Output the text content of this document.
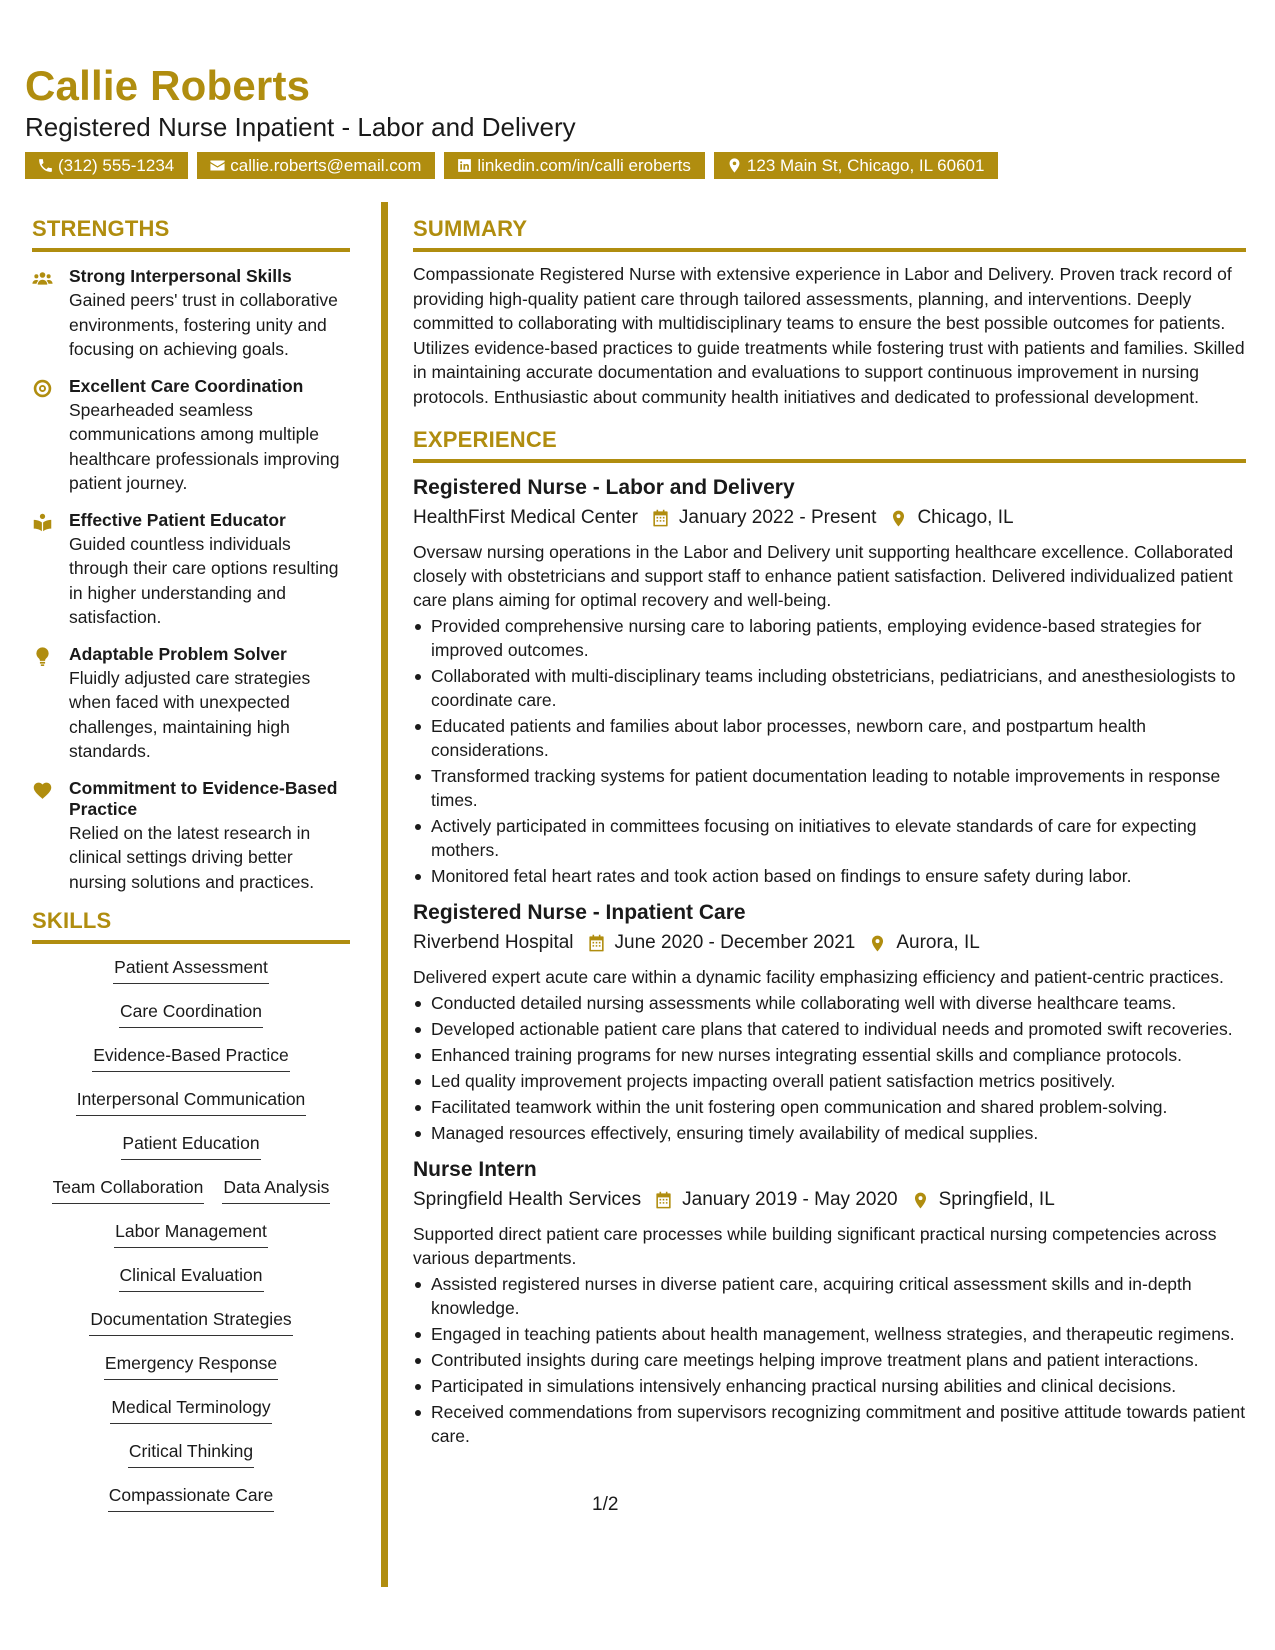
Callie Roberts
Registered Nurse Inpatient - Labor and Delivery
(312) 555-1234	callie.roberts@email.com	linkedin.com/in/calli eroberts	123 Main St, Chicago, IL 60601
STRENGTHS
Strong Interpersonal Skills
Gained peers' trust in collaborative environments, fostering unity and focusing on achieving goals.
Excellent Care Coordination
Spearheaded seamless communications among multiple healthcare professionals improving patient journey.
Effective Patient Educator
Guided countless individuals through their care options resulting in higher understanding and satisfaction.
Adaptable Problem Solver
Fluidly adjusted care strategies when faced with unexpected challenges, maintaining high standards.
Commitment to Evidence-Based Practice
Relied on the latest research in clinical settings driving better nursing solutions and practices.
SKILLS
Patient Assessment
Care Coordination
Evidence-Based Practice
Interpersonal Communication
Patient Education
Team Collaboration Data Analysis
Labor Management
Clinical Evaluation
Documentation Strategies
Emergency Response
Medical Terminology
Critical Thinking
Compassionate Care
SUMMARY
Compassionate Registered Nurse with extensive experience in Labor and Delivery. Proven track record of providing high-quality patient care through tailored assessments, planning, and interventions. Deeply committed to collaborating with multidisciplinary teams to ensure the best possible outcomes for patients. Utilizes evidence-based practices to guide treatments while fostering trust with patients and families. Skilled in maintaining accurate documentation and evaluations to support continuous improvement in nursing protocols. Enthusiastic about community health initiatives and dedicated to professional development.
EXPERIENCE
Registered Nurse - Labor and Delivery
HealthFirst Medical Center January 2022 - Present Chicago, IL
Oversaw nursing operations in the Labor and Delivery unit supporting healthcare excellence. Collaborated closely with obstetricians and support staff to enhance patient satisfaction. Delivered individualized patient care plans aiming for optimal recovery and well-being.
Provided comprehensive nursing care to laboring patients, employing evidence-based strategies for improved outcomes.
Collaborated with multi-disciplinary teams including obstetricians, pediatricians, and anesthesiologists to coordinate care.
Educated patients and families about labor processes, newborn care, and postpartum health considerations.
Transformed tracking systems for patient documentation leading to notable improvements in response times.
Actively participated in committees focusing on initiatives to elevate standards of care for expecting mothers.
Monitored fetal heart rates and took action based on findings to ensure safety during labor.
Registered Nurse - Inpatient Care
Riverbend Hospital June 2020 - December 2021 Aurora, IL
Delivered expert acute care within a dynamic facility emphasizing efficiency and patient-centric practices.
Conducted detailed nursing assessments while collaborating well with diverse healthcare teams.
Developed actionable patient care plans that catered to individual needs and promoted swift recoveries.
Enhanced training programs for new nurses integrating essential skills and compliance protocols.
Led quality improvement projects impacting overall patient satisfaction metrics positively.
Facilitated teamwork within the unit fostering open communication and shared problem-solving.
Managed resources effectively, ensuring timely availability of medical supplies.
Nurse Intern
Springfield Health Services January 2019 - May 2020 Springfield, IL
Supported direct patient care processes while building significant practical nursing competencies across various departments.
Assisted registered nurses in diverse patient care, acquiring critical assessment skills and in-depth knowledge.
Engaged in teaching patients about health management, wellness strategies, and therapeutic regimens.
Contributed insights during care meetings helping improve treatment plans and patient interactions.
Participated in simulations intensively enhancing practical nursing abilities and clinical decisions.
Received commendations from supervisors recognizing commitment and positive attitude towards patient care.
1/2
